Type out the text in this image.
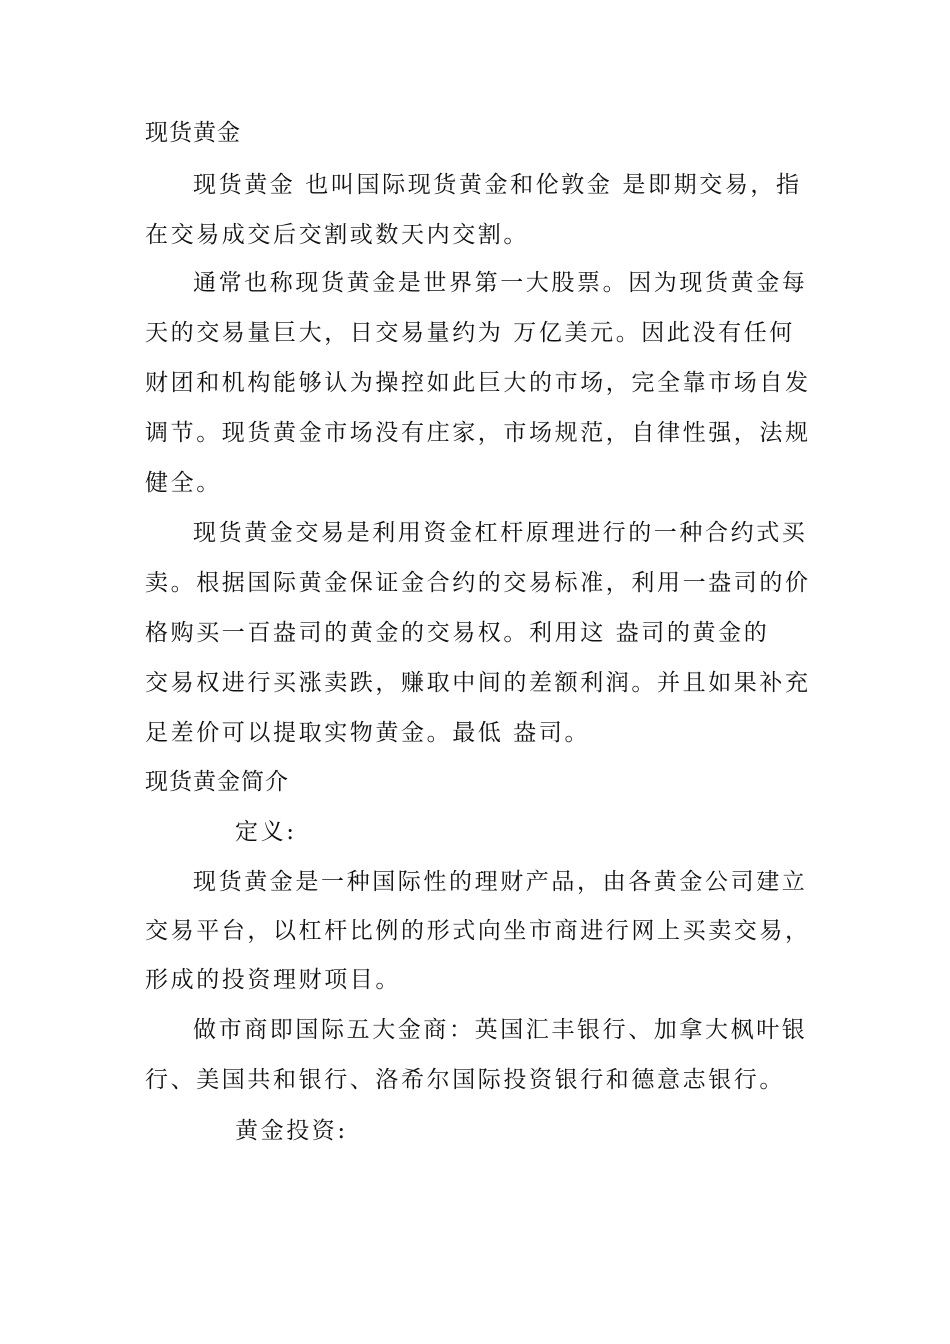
现货黄金
现货黄金 也叫国际现货黄金和伦敦金 是即期交易，指
在交易成交后交割或数天内交割。
通常也称现货黄金是世界第一大股票。因为现货黄金每
天的交易量巨大，日交易量约为 万亿美元。因此没有任何
财团和机构能够认为操控如此巨大的市场，完全靠市场自发
调节。现货黄金市场没有庄家，市场规范，自律性强，法规
健全。
现货黄金交易是利用资金杠杆原理进行的一种合约式买
卖。根据国际黄金保证金合约的交易标准，利用一盎司的价
格购买一百盎司的黄金的交易权。利用这 盎司的黄金的
交易权进行买涨卖跌，赚取中间的差额利润。并且如果补充
足差价可以提取实物黄金。最低 盎司。
现货黄金简介
定义:
现货黄金是一种国际性的理财产品，由各黄金公司建立
交易平台，以杠杆比例的形式向坐市商进行网上买卖交易，
形成的投资理财项目。
做市商即国际五大金商：英国汇丰银行、加拿大枫叶银
行、美国共和银行、洛希尔国际投资银行和德意志银行。
黄金投资:
